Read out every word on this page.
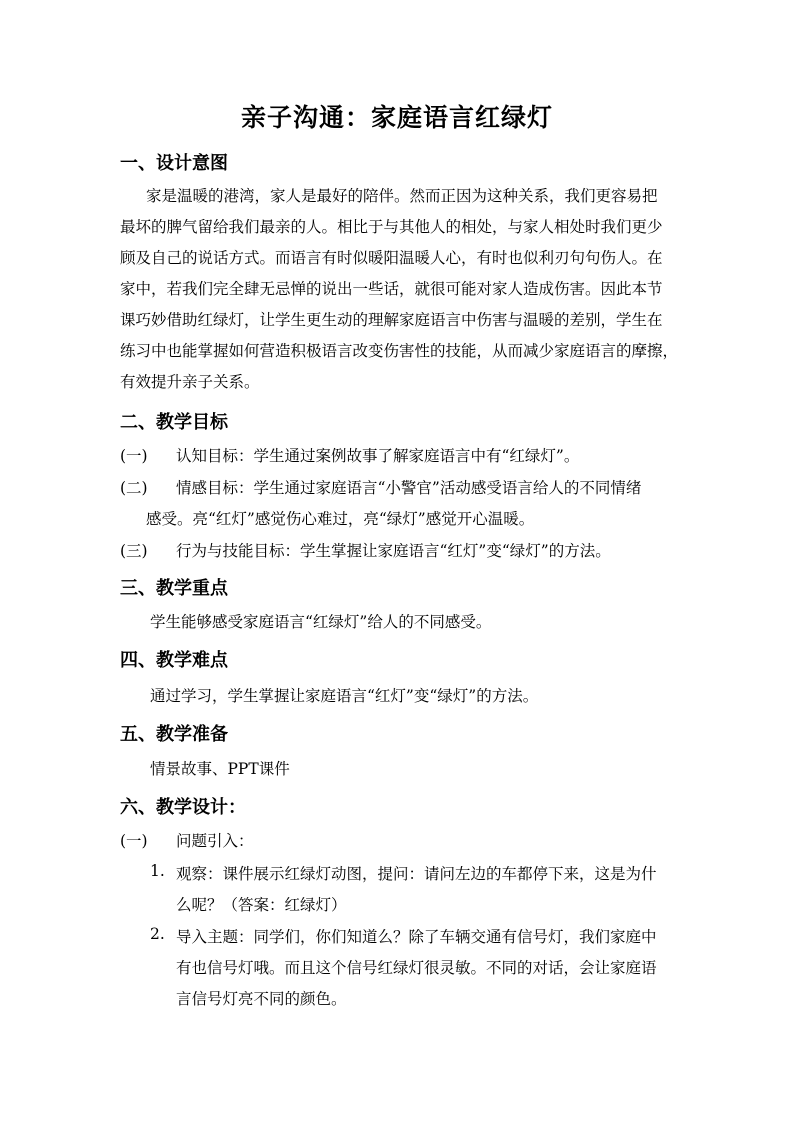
亲子沟通：家庭语言红绿灯
一、设计意图
家是温暖的港湾，家人是最好的陪伴。然而正因为这种关系，我们更容易把
最坏的脾气留给我们最亲的人。相比于与其他人的相处，与家人相处时我们更少
顾及自己的说话方式。而语言有时似暖阳温暖人心，有时也似利刃句句伤人。在
家中，若我们完全肆无忌惮的说出一些话，就很可能对家人造成伤害。因此本节
课巧妙借助红绿灯，让学生更生动的理解家庭语言中伤害与温暖的差别，学生在
练习中也能掌握如何营造积极语言改变伤害性的技能，从而减少家庭语言的摩擦，
有效提升亲子关系。
二、教学目标
(一) 认知目标：学生通过案例故事了解家庭语言中有“红绿灯”。
(二) 情感目标：学生通过家庭语言“小警官”活动感受语言给人的不同情绪
感受。亮“红灯”感觉伤心难过，亮“绿灯”感觉开心温暖。
(三) 行为与技能目标：学生掌握让家庭语言“红灯”变“绿灯”的方法。
三、教学重点
学生能够感受家庭语言“红绿灯”给人的不同感受。
四、教学难点
通过学习，学生掌握让家庭语言“红灯”变“绿灯”的方法。
五、教学准备
情景故事、PPT课件
六、教学设计：
(一) 问题引入：
1. 观察：课件展示红绿灯动图，提问：请问左边的车都停下来，这是为什
么呢？（答案：红绿灯）
2. 导入主题：同学们，你们知道么？除了车辆交通有信号灯，我们家庭中
有也信号灯哦。而且这个信号红绿灯很灵敏。不同的对话，会让家庭语
言信号灯亮不同的颜色。
